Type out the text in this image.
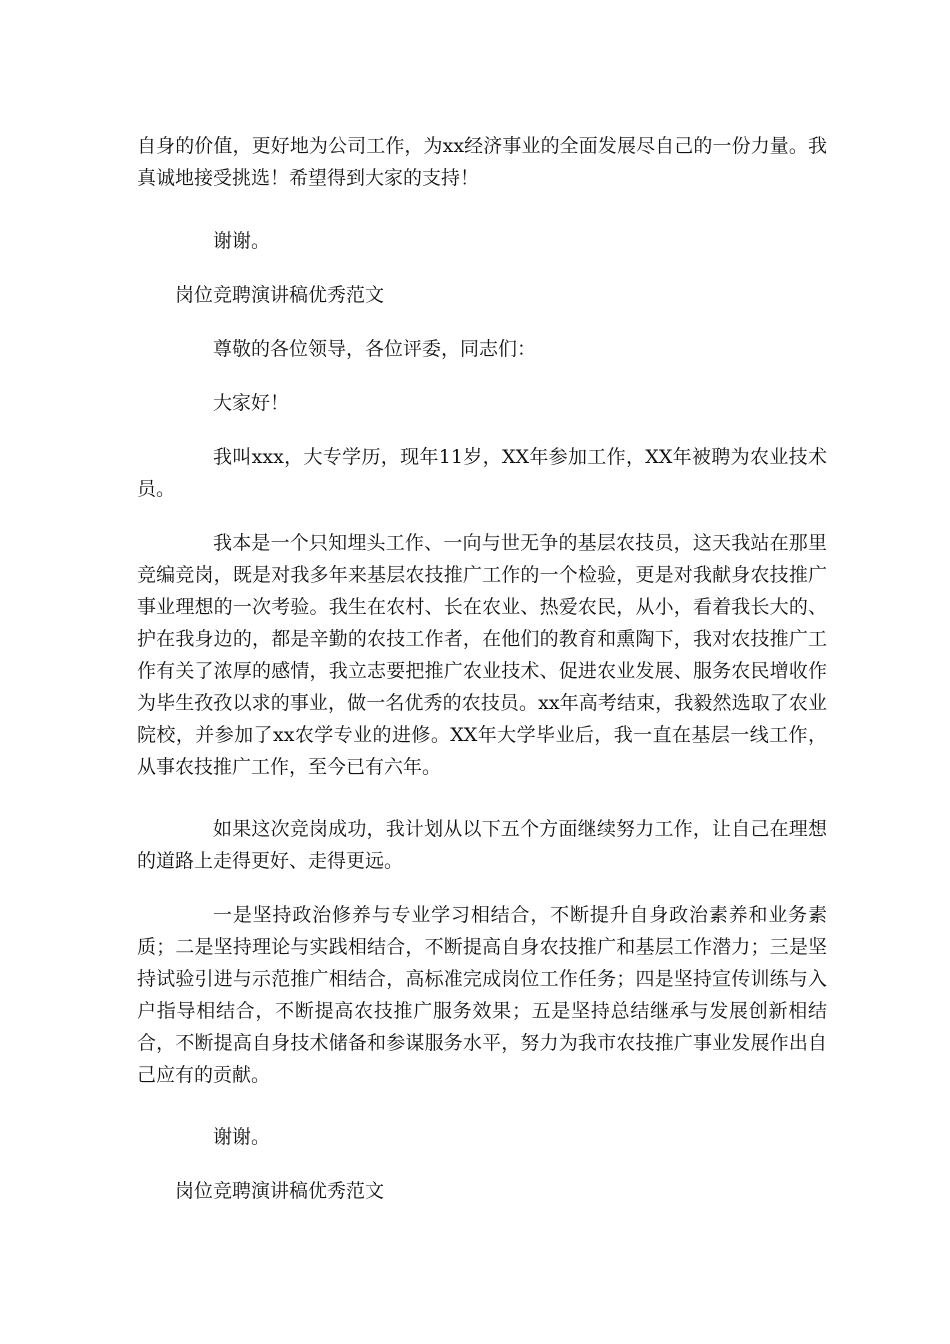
自身的价值，更好地为公司工作，为xx经济事业的全面发展尽自己的一份力量。我真诚地接受挑选！希望得到大家的支持！

谢谢。

岗位竞聘演讲稿优秀范文

尊敬的各位领导，各位评委，同志们：

大家好！

我叫xxx，大专学历，现年11岁，XX年参加工作，XX年被聘为农业技术员。

我本是一个只知埋头工作、一向与世无争的基层农技员，这天我站在那里竞编竞岗，既是对我多年来基层农技推广工作的一个检验，更是对我献身农技推广事业理想的一次考验。我生在农村、长在农业、热爱农民，从小，看着我长大的、护在我身边的，都是辛勤的农技工作者，在他们的教育和熏陶下，我对农技推广工作有关了浓厚的感情，我立志要把推广农业技术、促进农业发展、服务农民增收作为毕生孜孜以求的事业，做一名优秀的农技员。xx年高考结束，我毅然选取了农业院校，并参加了xx农学专业的进修。XX年大学毕业后，我一直在基层一线工作，从事农技推广工作，至今已有六年。

如果这次竞岗成功，我计划从以下五个方面继续努力工作，让自己在理想的道路上走得更好、走得更远。

一是坚持政治修养与专业学习相结合，不断提升自身政治素养和业务素质；二是坚持理论与实践相结合，不断提高自身农技推广和基层工作潜力；三是坚持试验引进与示范推广相结合，高标准完成岗位工作任务；四是坚持宣传训练与入户指导相结合，不断提高农技推广服务效果；五是坚持总结继承与发展创新相结合，不断提高自身技术储备和参谋服务水平，努力为我市农技推广事业发展作出自己应有的贡献。

谢谢。

岗位竞聘演讲稿优秀范文
